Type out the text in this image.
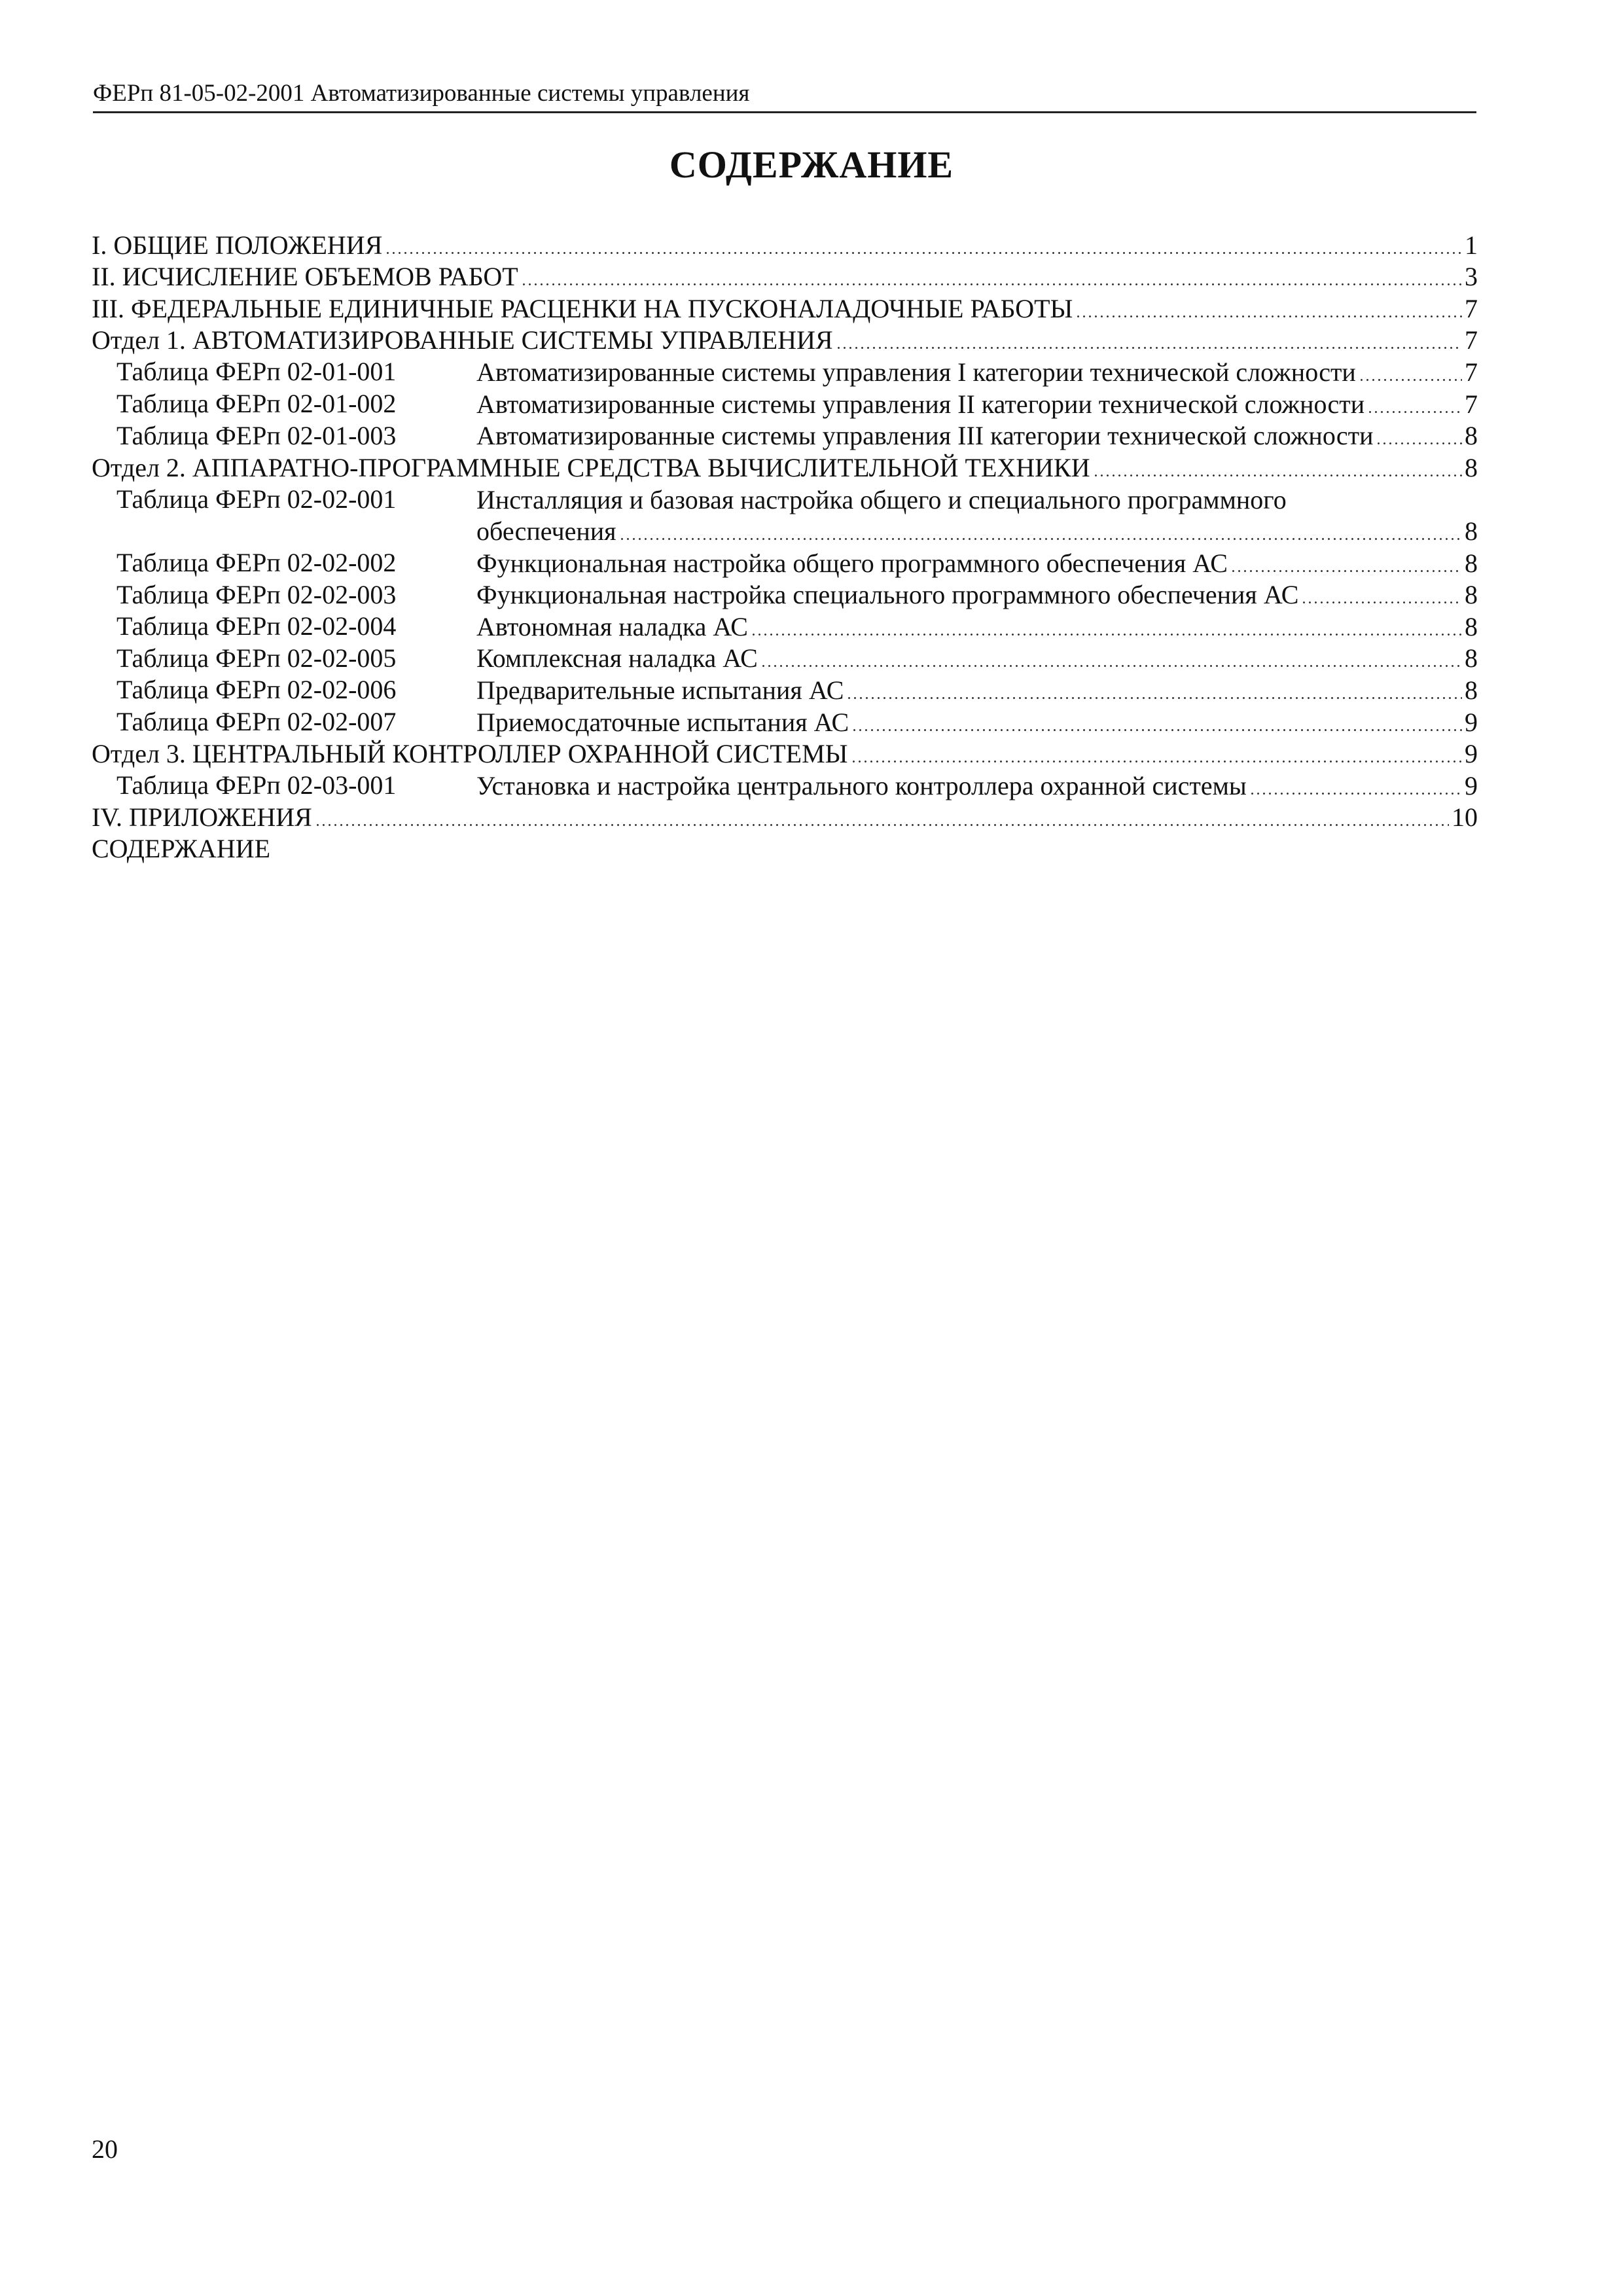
ФЕРп 81-05-02-2001 Автоматизированные системы управления
СОДЕРЖАНИЕ
I. ОБЩИЕ ПОЛОЖЕНИЯ	1
II. ИСЧИСЛЕНИЕ ОБЪЕМОВ РАБОТ	3
III. ФЕДЕРАЛЬНЫЕ ЕДИНИЧНЫЕ РАСЦЕНКИ НА ПУСКОНАЛАДОЧНЫЕ РАБОТЫ	7
Отдел 1. АВТОМАТИЗИРОВАННЫЕ СИСТЕМЫ УПРАВЛЕНИЯ	7
Таблица ФЕРп 02-01-001	Автоматизированные системы управления I категории технической сложности	7
Таблица ФЕРп 02-01-002	Автоматизированные системы управления II категории технической сложности	7
Таблица ФЕРп 02-01-003	Автоматизированные системы управления III категории технической сложности	8
Отдел 2. АППАРАТНО-ПРОГРАММНЫЕ СРЕДСТВА ВЫЧИСЛИТЕЛЬНОЙ ТЕХНИКИ	8
Таблица ФЕРп 02-02-001	Инсталляция и базовая настройка общего и специального программного
обеспечения	8
Таблица ФЕРп 02-02-002	Функциональная настройка общего программного обеспечения АС	8
Таблица ФЕРп 02-02-003	Функциональная настройка специального программного обеспечения АС	8
Таблица ФЕРп 02-02-004	Автономная наладка АС	8
Таблица ФЕРп 02-02-005	Комплексная наладка АС	8
Таблица ФЕРп 02-02-006	Предварительные испытания АС	8
Таблица ФЕРп 02-02-007	Приемосдаточные испытания АС	9
Отдел 3. ЦЕНТРАЛЬНЫЙ КОНТРОЛЛЕР ОХРАННОЙ СИСТЕМЫ	9
Таблица ФЕРп 02-03-001	Установка и настройка центрального контроллера охранной системы	9
IV. ПРИЛОЖЕНИЯ	10
СОДЕРЖАНИЕ
20
